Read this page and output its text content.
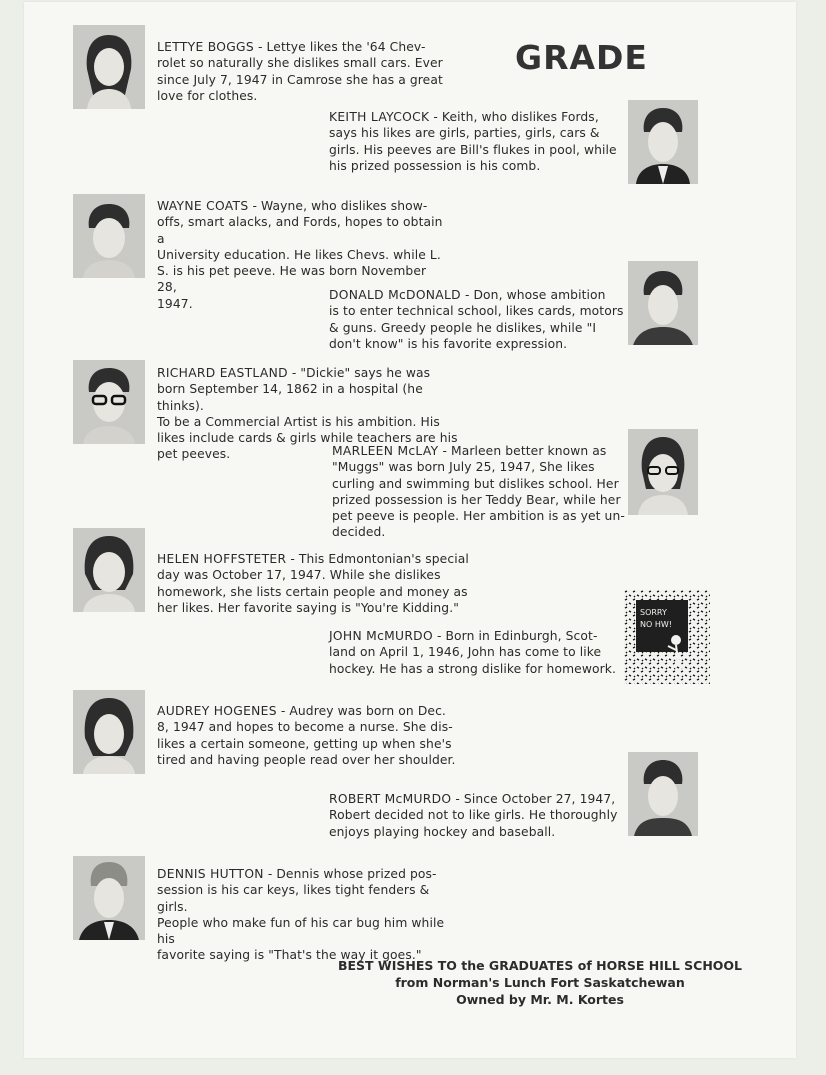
GRADE
SORRY
NO HW!
LETTYE BOGGS - Lettye likes the '64 Chev-
rolet so naturally she dislikes small cars. Ever
since July 7, 1947 in Camrose she has a great
love for clothes.
KEITH LAYCOCK - Keith, who dislikes Fords,
says his likes are girls, parties, girls, cars &
girls. His peeves are Bill's flukes in pool, while
his prized possession is his comb.
WAYNE COATS - Wayne, who dislikes show-
offs, smart alacks, and Fords, hopes to obtain a
University education. He likes Chevs. while L.
S. is his pet peeve. He was born November 28,
1947.
DONALD McDONALD - Don, whose ambition
is to enter technical school, likes cards, motors
& guns. Greedy people he dislikes, while "I
don't know" is his favorite expression.
RICHARD EASTLAND - "Dickie" says he was
born September 14, 1862 in a hospital (he thinks).
To be a Commercial Artist is his ambition. His
likes include cards & girls while teachers are his
pet peeves.	MARLEEN McLAY - Marleen better known as
"Muggs" was born July 25, 1947, She likes
curling and swimming but dislikes school. Her
prized possession is her Teddy Bear, while her
pet peeve is people. Her ambition is as yet un-
decided.
HELEN HOFFSTETER - This Edmontonian's special
day was October 17, 1947. While she dislikes
homework, she lists certain people and money as
her likes. Her favorite saying is "You're Kidding."
JOHN McMURDO - Born in Edinburgh, Scot-
land on April 1, 1946, John has come to like
hockey. He has a strong dislike for homework.
AUDREY HOGENES - Audrey was born on Dec.
8, 1947 and hopes to become a nurse. She dis-
likes a certain someone, getting up when she's
tired and having people read over her shoulder.
ROBERT McMURDO - Since October 27, 1947,
Robert decided not to like girls. He thoroughly
enjoys playing hockey and baseball.
DENNIS HUTTON - Dennis whose prized pos-
session is his car keys, likes tight fenders & girls.
People who make fun of his car bug him while his
favorite saying is "That's the way it goes."
BEST WISHES TO the GRADUATES of HORSE HILL SCHOOL
from Norman's Lunch Fort Saskatchewan
Owned by Mr. M. Kortes
